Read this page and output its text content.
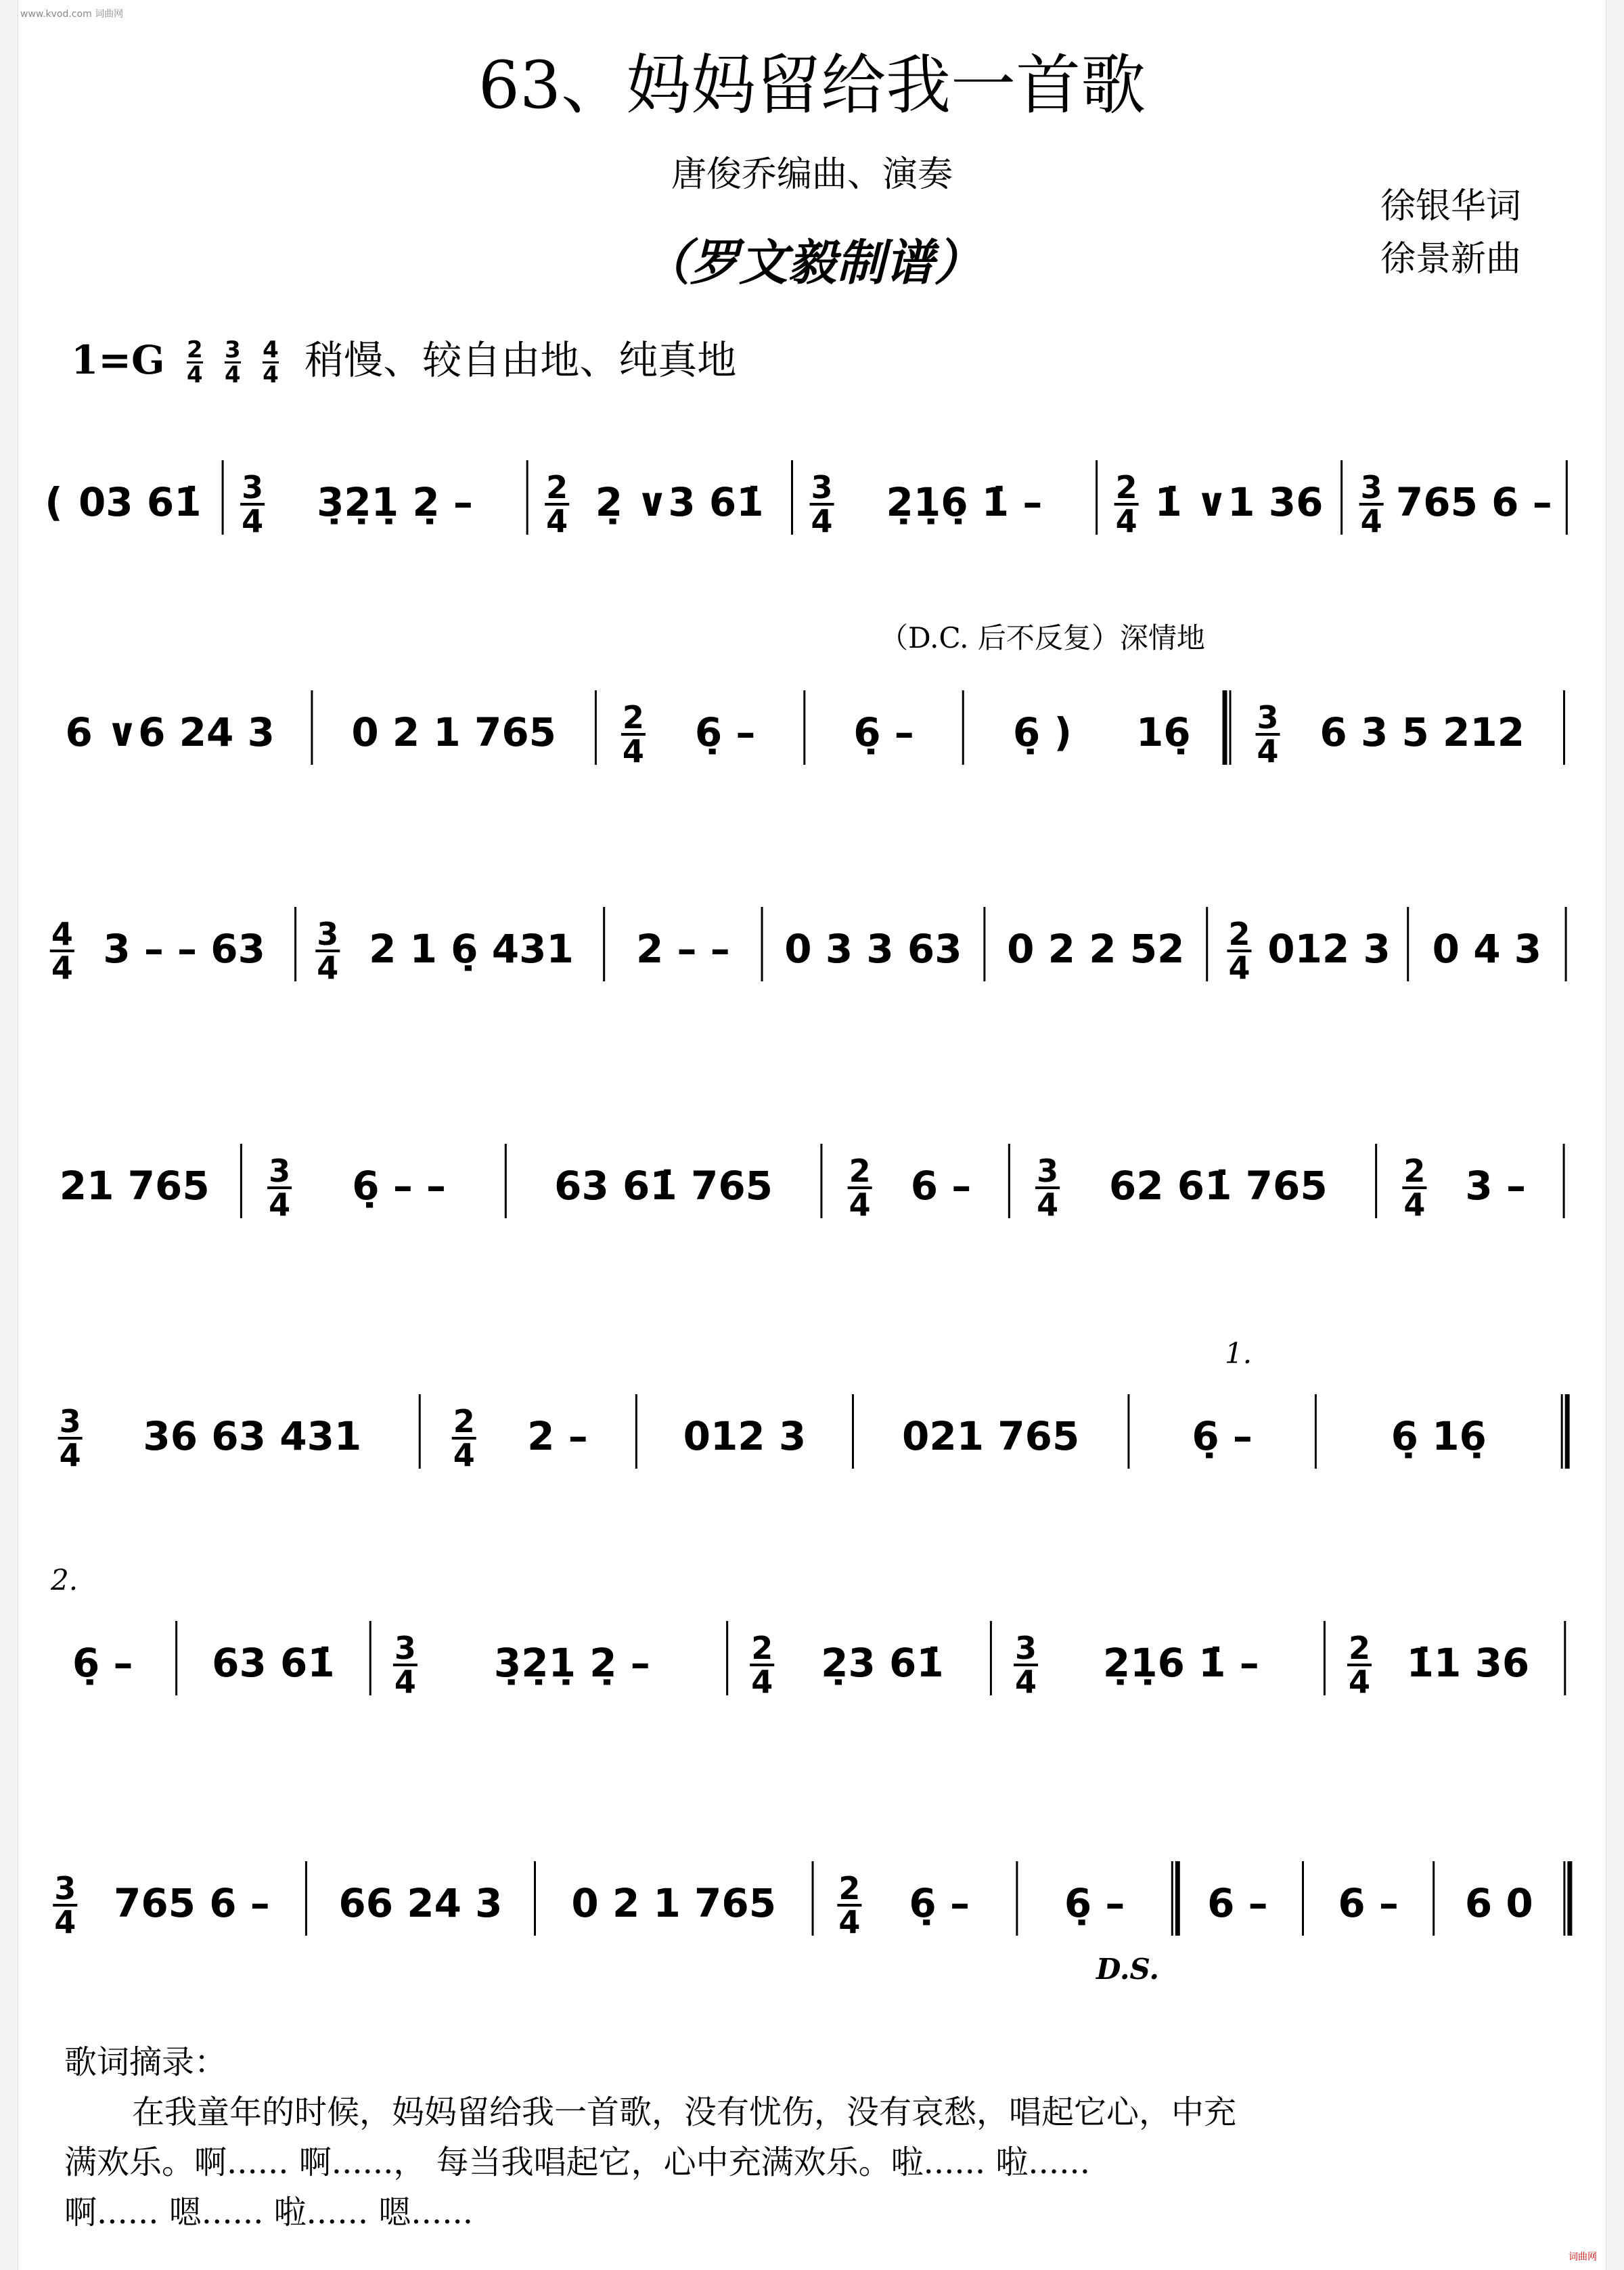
www.kvod.com 词曲网
词曲网
63、妈妈留给我一首歌
唐俊乔编曲、演奏
（罗文毅制谱）
徐银华词
徐景新曲
$1=G \frac{2}{4}$
$\frac{3}{4}$
$\frac{4}{4}$ 稍慢、较自由地、纯真地
（D.C. 后不反复）深情地
D.S.
1.
2.
( 03 61̇ 3
4 3̣2̣1̣ 2̣ – 2
4 2̣ ∨3 61̇ 3
4 2̣1̣6̣ 1̇ – 2
4 1̇ ∨1 36 3
4 765 6 –
6 ∨6 24 3 0 2 1 765 2
4 6̣ – 6̣ –	6̣ ) 16̣ 3
4 6 3 5 212
4
4 3 – – 63 3
4 2 1 6̣ 431 2 – – 0 3 3 63 0 2 2 52 2
4 012 3 0 4 3
21 765 3
4 6̣ – –	63 61̇ 765 2
4 6 – 3
4 62 61̇ 765 2
4 3 –
3
4 36 63 431	2
4 2 – 012 3 021 765	6̣ –	6̣ 16̣
6̣ – 63 61̇ 3
4 3̣2̣1̣ 2̣ –	2
4 2̣3 61̇ 3
4 2̣1̣6 1̇ –	2
4 1̇1 36
3
4 765 6 – 66 24 3 0 2 1 765 2
4 6̣ – 6̣ – 6 – 6 – 6 0
歌词摘录：
在我童年的时候，妈妈留给我一首歌，没有忧伤，没有哀愁，唱起它心，中充
满欢乐。啊...... 啊......， 每当我唱起它，心中充满欢乐。啦...... 啦......
啊...... 嗯...... 啦...... 嗯......
